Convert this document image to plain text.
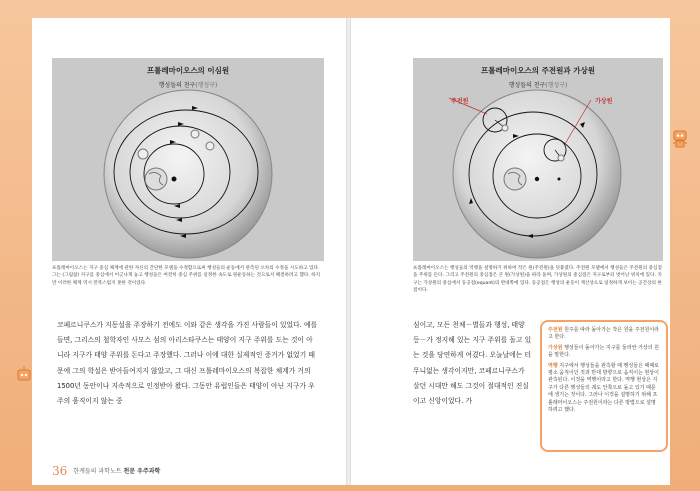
프톨레마이오스의 이심원
행성들의 천구(행성구)
프톨레마이오스의 주전원과 가상원
행성들의 천구(행성구)
주전원	가상원
프톨레마이오스는 지구 중심 체계에 관한 자신의 간단한 모델을 수정함으로써 행성들의 운동에서 관측된 오차의 수정을 시도하고 있다. 그는 (그림참) 지구를 중심에서 어긋나게 놓고 행성들은 여전히 중심 주위를 일정한 속도로 원운동하는 것으로서 해결하려고 했다. 하지만 이러한 체계 역시 만족스럽지 못한 것이었다.
프톨레마이오스는 행성들의 역행을 설명하기 위하여 작은 원(주전원)을 덧붙였다. 주전원 모델에서 행성들은 주전원의 중심점을 주위를 돈다. 그리고 주전원의 중심점은 큰 원(가상원)을 따라 돌며, 가상원의 중심점은 지구로부터 벗어난 위치에 있다. 지구는 가상원의 중심에서 동공점(equant)의 반대쪽에 있다. 동공점은 행성의 운동이 계산상으로 일정하게 보이는 공간상의 한 점이다.
코페르니쿠스가 지동설을 주장하기 전에도 이와 같은 생각을 가진 사람들이 있었다. 예를 들면, 그리스의 철학자인 사모스 섬의 아리스타쿠스는 태양이 지구 주위를 도는 것이 아니라 지구가 태양 주위를 돈다고 주장했다. 그러나 이에 대한 실제적인 증거가 없었기 때문에 그의 학설은 받아들여지지 않았고, 그 대신 프톨레마이오스의 복잡한 체계가 거의 1500년 동안이나 지속적으로 인정받아 왔다. 그동안 유럽인들은 태양이 아닌 지구가 우주의 움직이지 않는 중
심이고, 모든 천체－별들과 행성, 태양 등－가 정지해 있는 지구 주위를 돌고 있는 것을 당연하게 여겼다. 오늘날에는 터무니없는 생각이지만, 코페르니쿠스가 살던 시대만 해도 그것이 절대적인 진실이고 신앙이었다. 가

주전원 원주를 따라 돌아가는 작은 원을 주전원이라고 한다.

가상원 행성들이 돌아가는 지구를 둘러싼 가상의 원을 말한다.

역행 지구에서 행성들을 관측할 때 행성들은 때때로 평소 움직이던 것과 반대 방향으로 움직이는 현상이 관측된다. 이것을 역행이라고 한다. 역행 현상은 지구가 다른 행성들의 궤도 안쪽으로 돌고 있기 때문에 생기는 것이다. 그러나 이것을 설명하기 위해 프톨레마이오스는 주전원이라는 다른 방법으로 설명하려고 했다.

36 한계들의 과학노트 천문 우주과학
